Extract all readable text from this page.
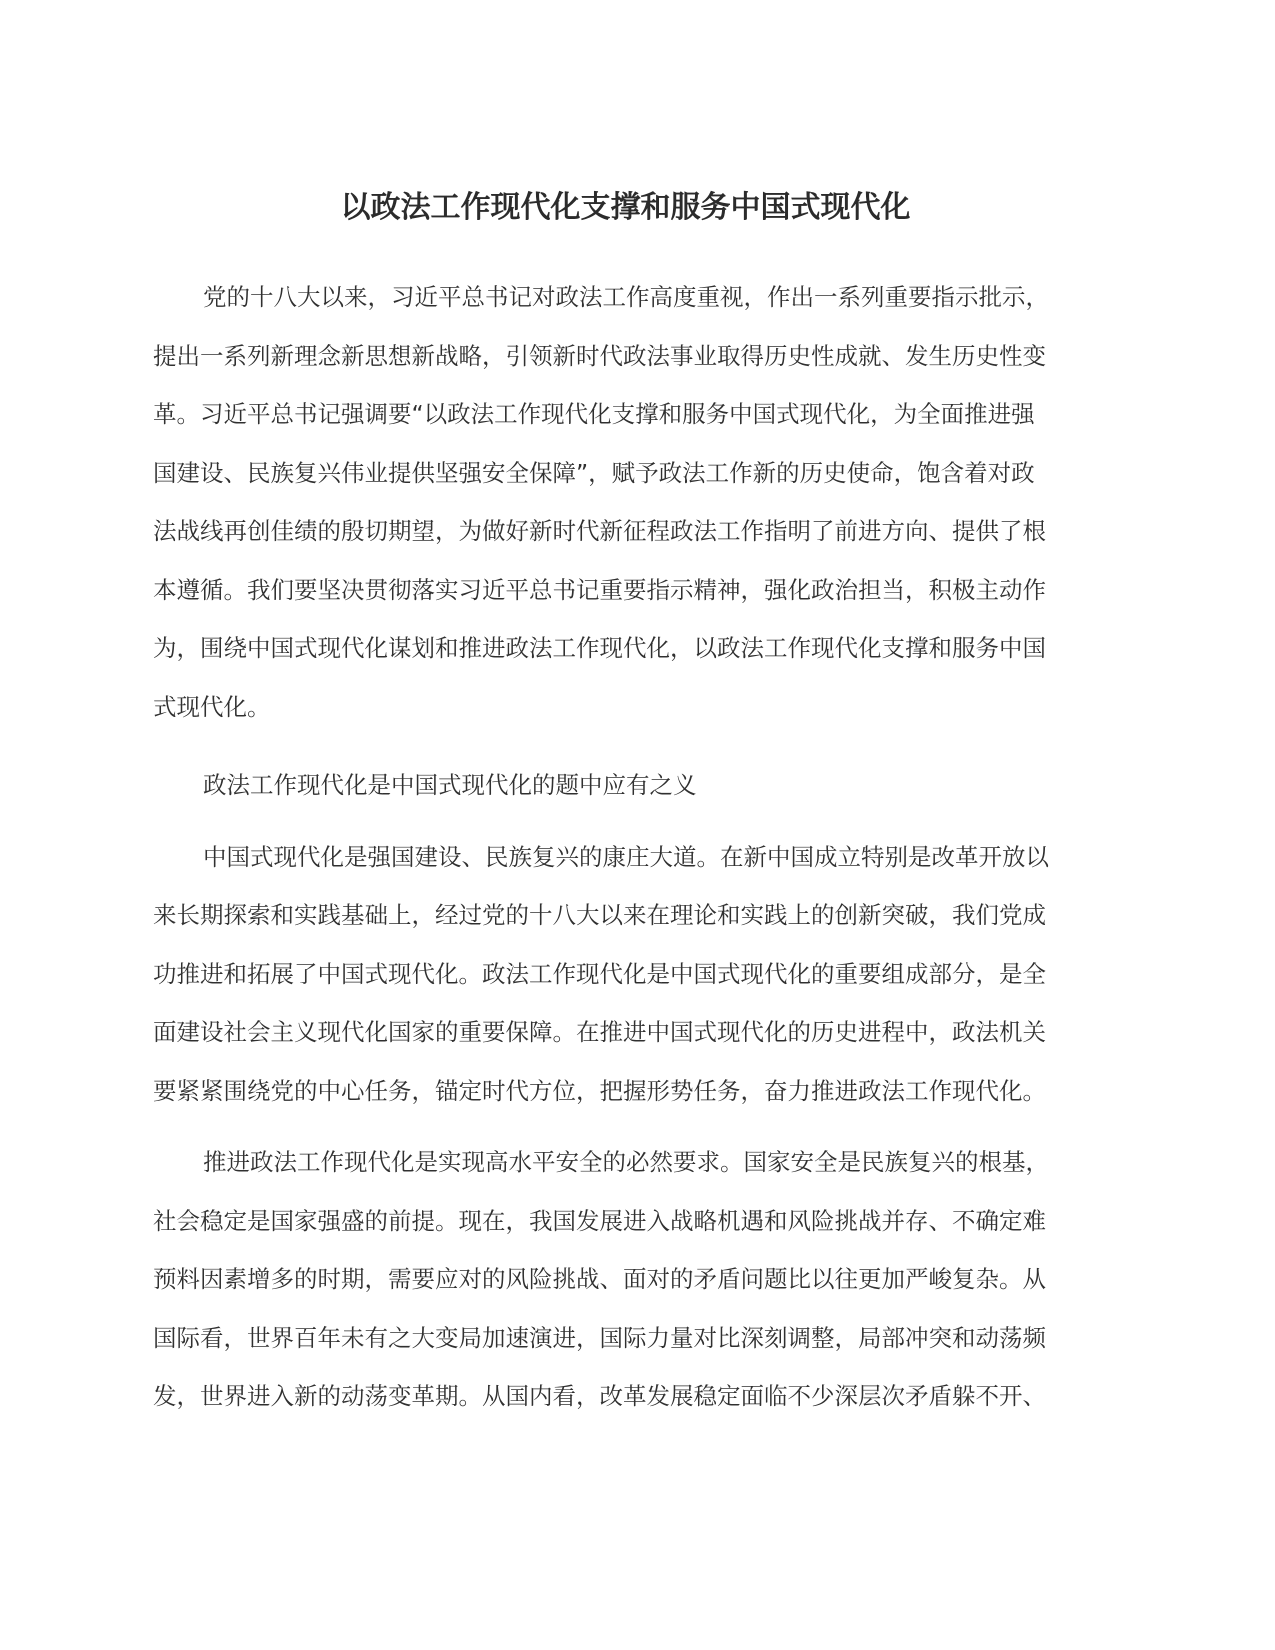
以政法工作现代化支撑和服务中国式现代化
党的十八大以来，习近平总书记对政法工作高度重视，作出一系列重要指示批示，
提出一系列新理念新思想新战略，引领新时代政法事业取得历史性成就、发生历史性变
革。习近平总书记强调要“以政法工作现代化支撑和服务中国式现代化，为全面推进强
国建设、民族复兴伟业提供坚强安全保障”，赋予政法工作新的历史使命，饱含着对政
法战线再创佳绩的殷切期望，为做好新时代新征程政法工作指明了前进方向、提供了根
本遵循。我们要坚决贯彻落实习近平总书记重要指示精神，强化政治担当，积极主动作
为，围绕中国式现代化谋划和推进政法工作现代化，以政法工作现代化支撑和服务中国
式现代化。
政法工作现代化是中国式现代化的题中应有之义
中国式现代化是强国建设、民族复兴的康庄大道。在新中国成立特别是改革开放以
来长期探索和实践基础上，经过党的十八大以来在理论和实践上的创新突破，我们党成
功推进和拓展了中国式现代化。政法工作现代化是中国式现代化的重要组成部分，是全
面建设社会主义现代化国家的重要保障。在推进中国式现代化的历史进程中，政法机关
要紧紧围绕党的中心任务，锚定时代方位，把握形势任务，奋力推进政法工作现代化。
推进政法工作现代化是实现高水平安全的必然要求。国家安全是民族复兴的根基，
社会稳定是国家强盛的前提。现在，我国发展进入战略机遇和风险挑战并存、不确定难
预料因素增多的时期，需要应对的风险挑战、面对的矛盾问题比以往更加严峻复杂。从
国际看，世界百年未有之大变局加速演进，国际力量对比深刻调整，局部冲突和动荡频
发，世界进入新的动荡变革期。从国内看，改革发展稳定面临不少深层次矛盾躲不开、
